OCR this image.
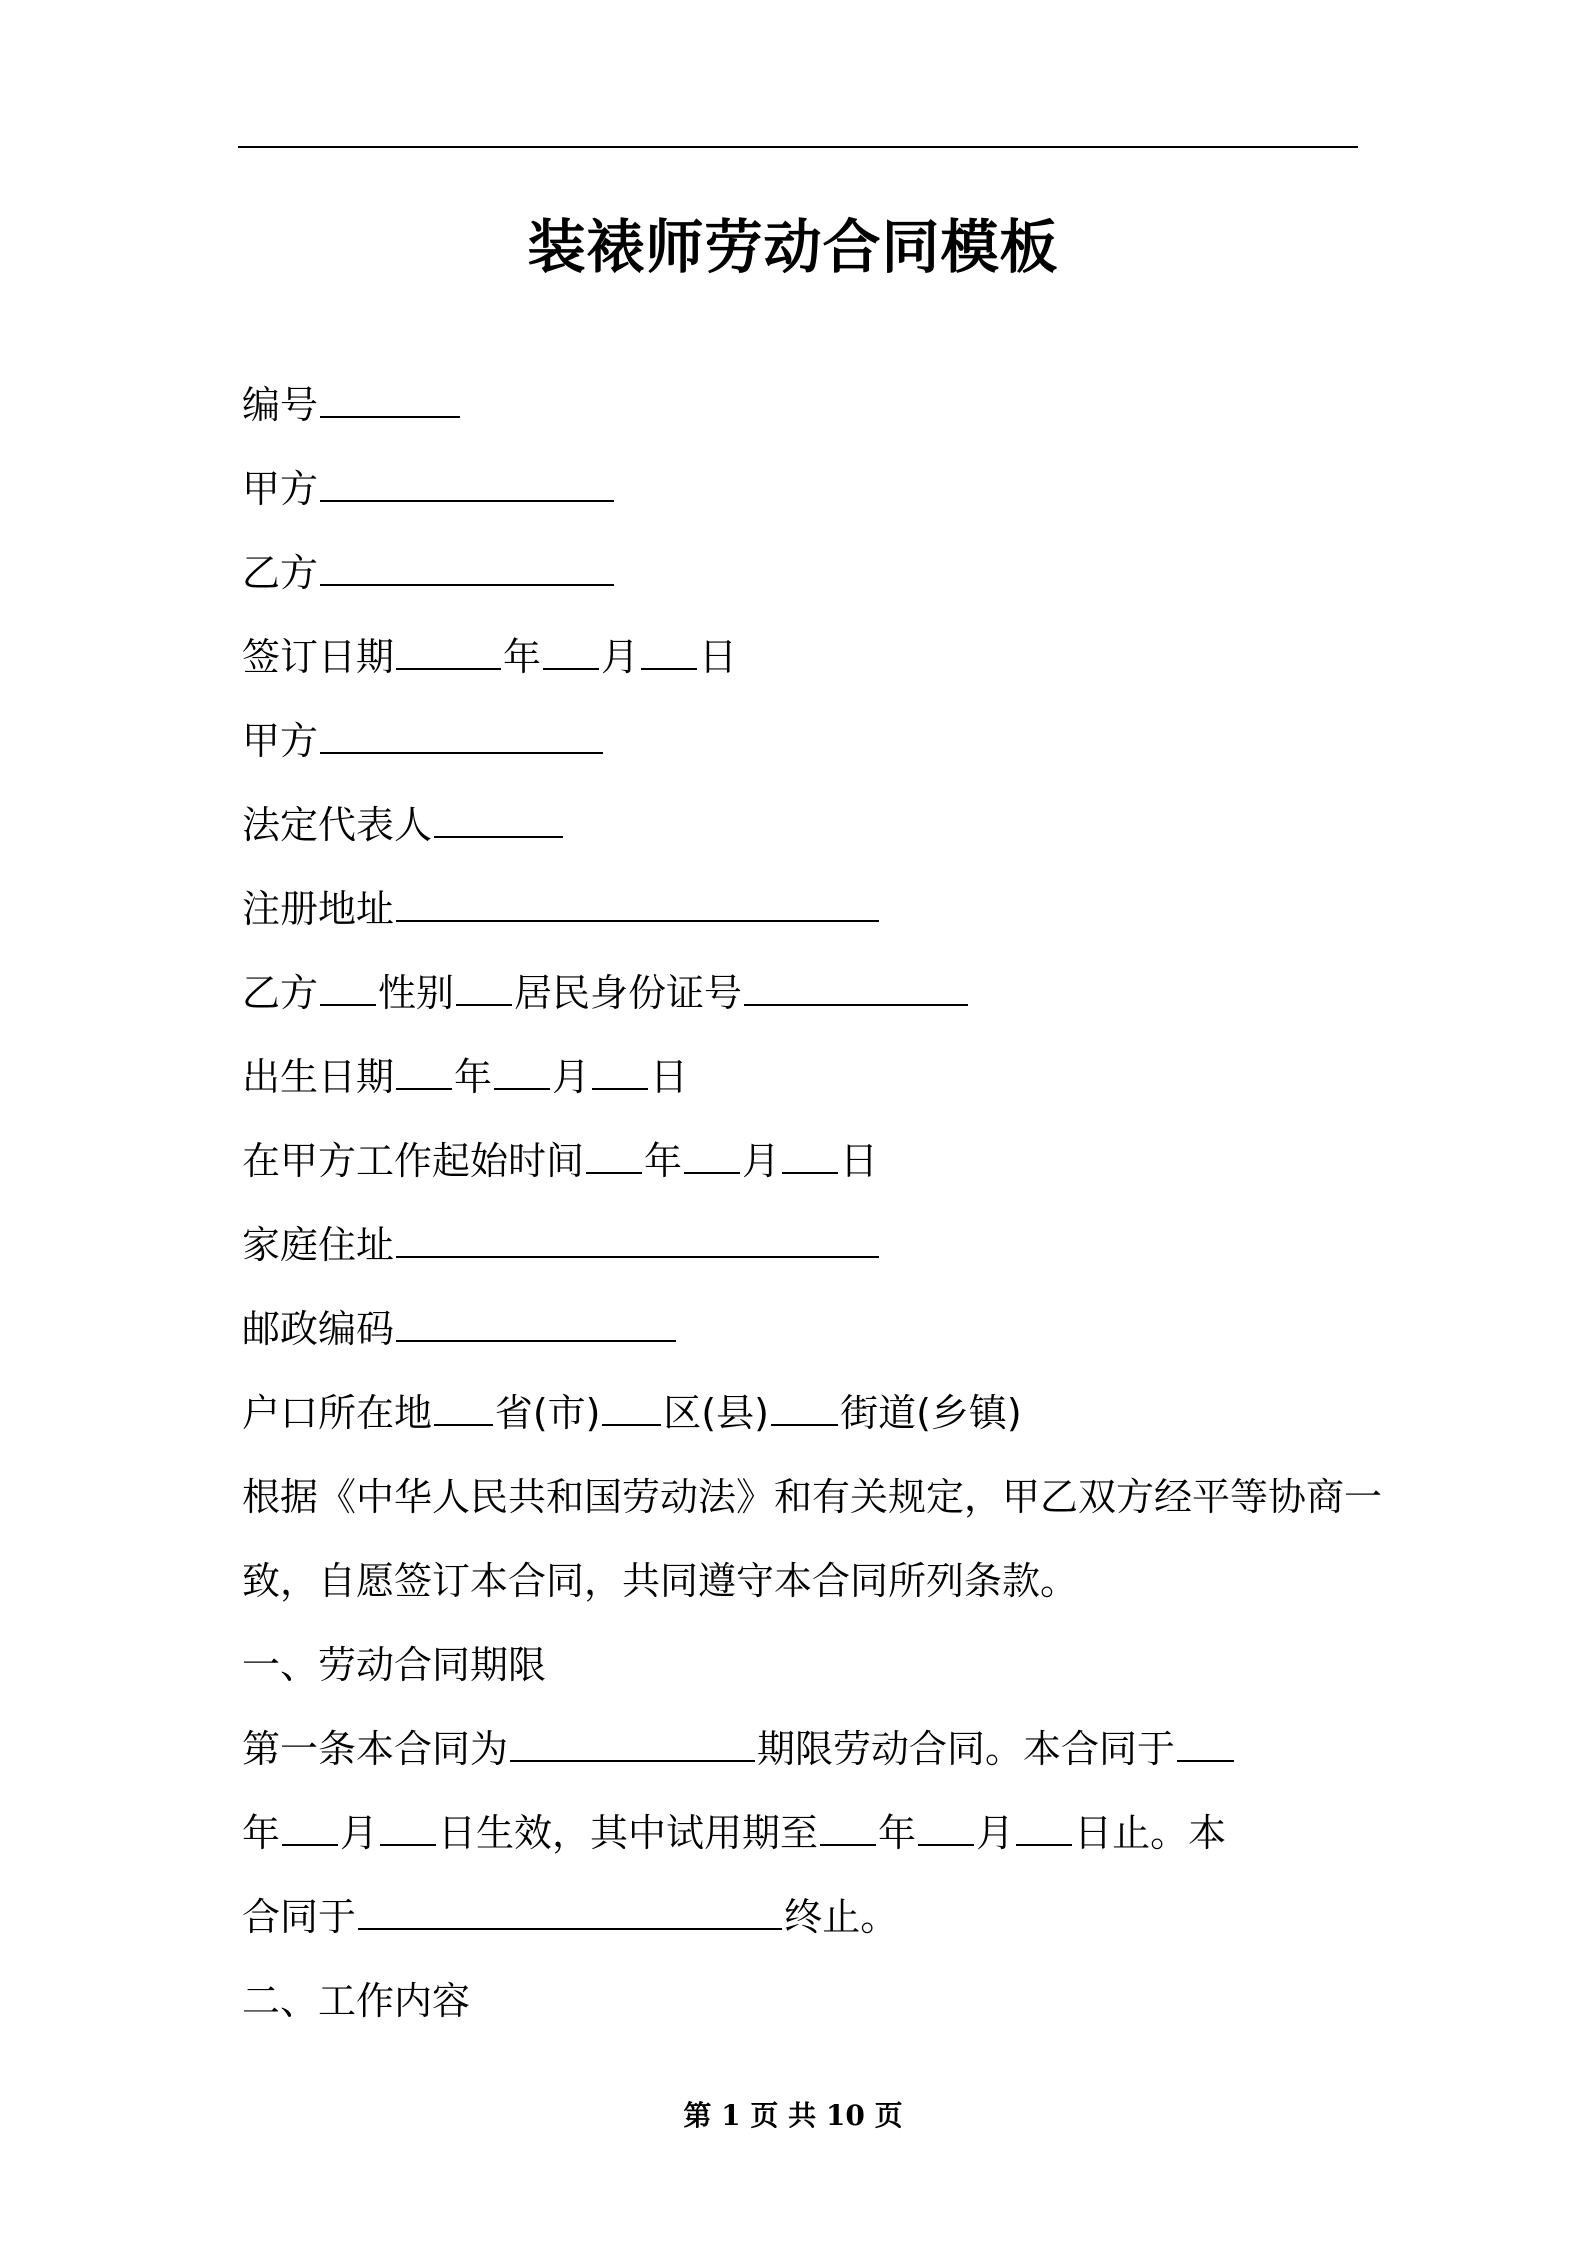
装裱师劳动合同模板
编号
甲方
乙方
签订日期	年 月 日
甲方
法定代表人
注册地址
乙方 性别 居民身份证号
出生日期 年 月 日
在甲方工作起始时间 年 月 日
家庭住址
邮政编码
户口所在地 省(市) 区(县) 街道(乡镇)
根据《中华人民共和国劳动法》和有关规定，甲乙双方经平等协商一
致，自愿签订本合同，共同遵守本合同所列条款。
一、劳动合同期限
第一条本合同为	期限劳动合同。本合同于
年 月 日生效，其中试用期至 年 月 日止。本
合同于	终止。
二、工作内容
第 1 页 共 10 页
